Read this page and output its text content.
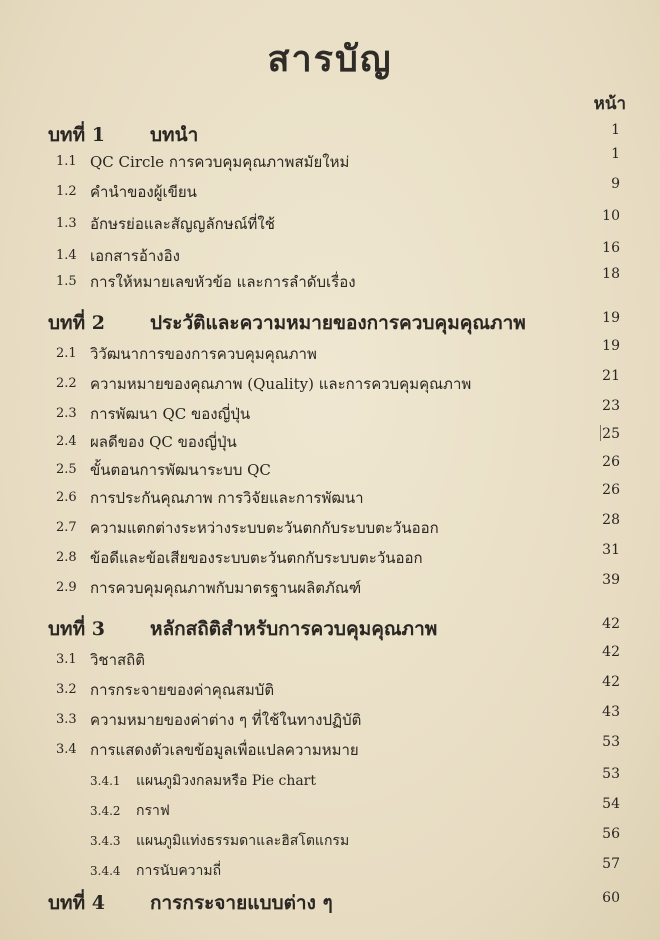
สารบัญ
หน้า
บทที่ 1 บทนำ	1
1.1 QC Circle การควบคุมคุณภาพสมัยใหม่	1
1.2 คำนำของผู้เขียน	9
1.3 อักษรย่อและสัญญลักษณ์ที่ใช้	10
1.4 เอกสารอ้างอิง	16
1.5 การให้หมายเลขหัวข้อ และการลำดับเรื่อง	18
บทที่ 2 ประวัติและความหมายของการควบคุมคุณภาพ	19
2.1 วิวัฒนาการของการควบคุมคุณภาพ	19
2.2 ความหมายของคุณภาพ (Quality) และการควบคุมคุณภาพ	21
2.3 การพัฒนา QC ของญี่ปุ่น	23
2.4 ผลดีของ QC ของญี่ปุ่น	25
2.5 ขั้นตอนการพัฒนาระบบ QC	26
2.6 การประกันคุณภาพ การวิจัยและการพัฒนา	26
2.7 ความแตกต่างระหว่างระบบตะวันตกกับระบบตะวันออก	28
2.8 ข้อดีและข้อเสียของระบบตะวันตกกับระบบตะวันออก	31
2.9 การควบคุมคุณภาพกับมาตรฐานผลิตภัณฑ์	39
บทที่ 3 หลักสถิติสำหรับการควบคุมคุณภาพ	42
3.1 วิชาสถิติ	42
3.2 การกระจายของค่าคุณสมบัติ	42
3.3 ความหมายของค่าต่าง ๆ ที่ใช้ในทางปฏิบัติ	43
3.4 การแสดงตัวเลขข้อมูลเพื่อแปลความหมาย	53
3.4.1 แผนภูมิวงกลมหรือ Pie chart	53
3.4.2 กราฟ	54
3.4.3 แผนภูมิแท่งธรรมดาและฮิสโตแกรม	56
3.4.4 การนับความถี่	57
บทที่ 4 การกระจายแบบต่าง ๆ	60
